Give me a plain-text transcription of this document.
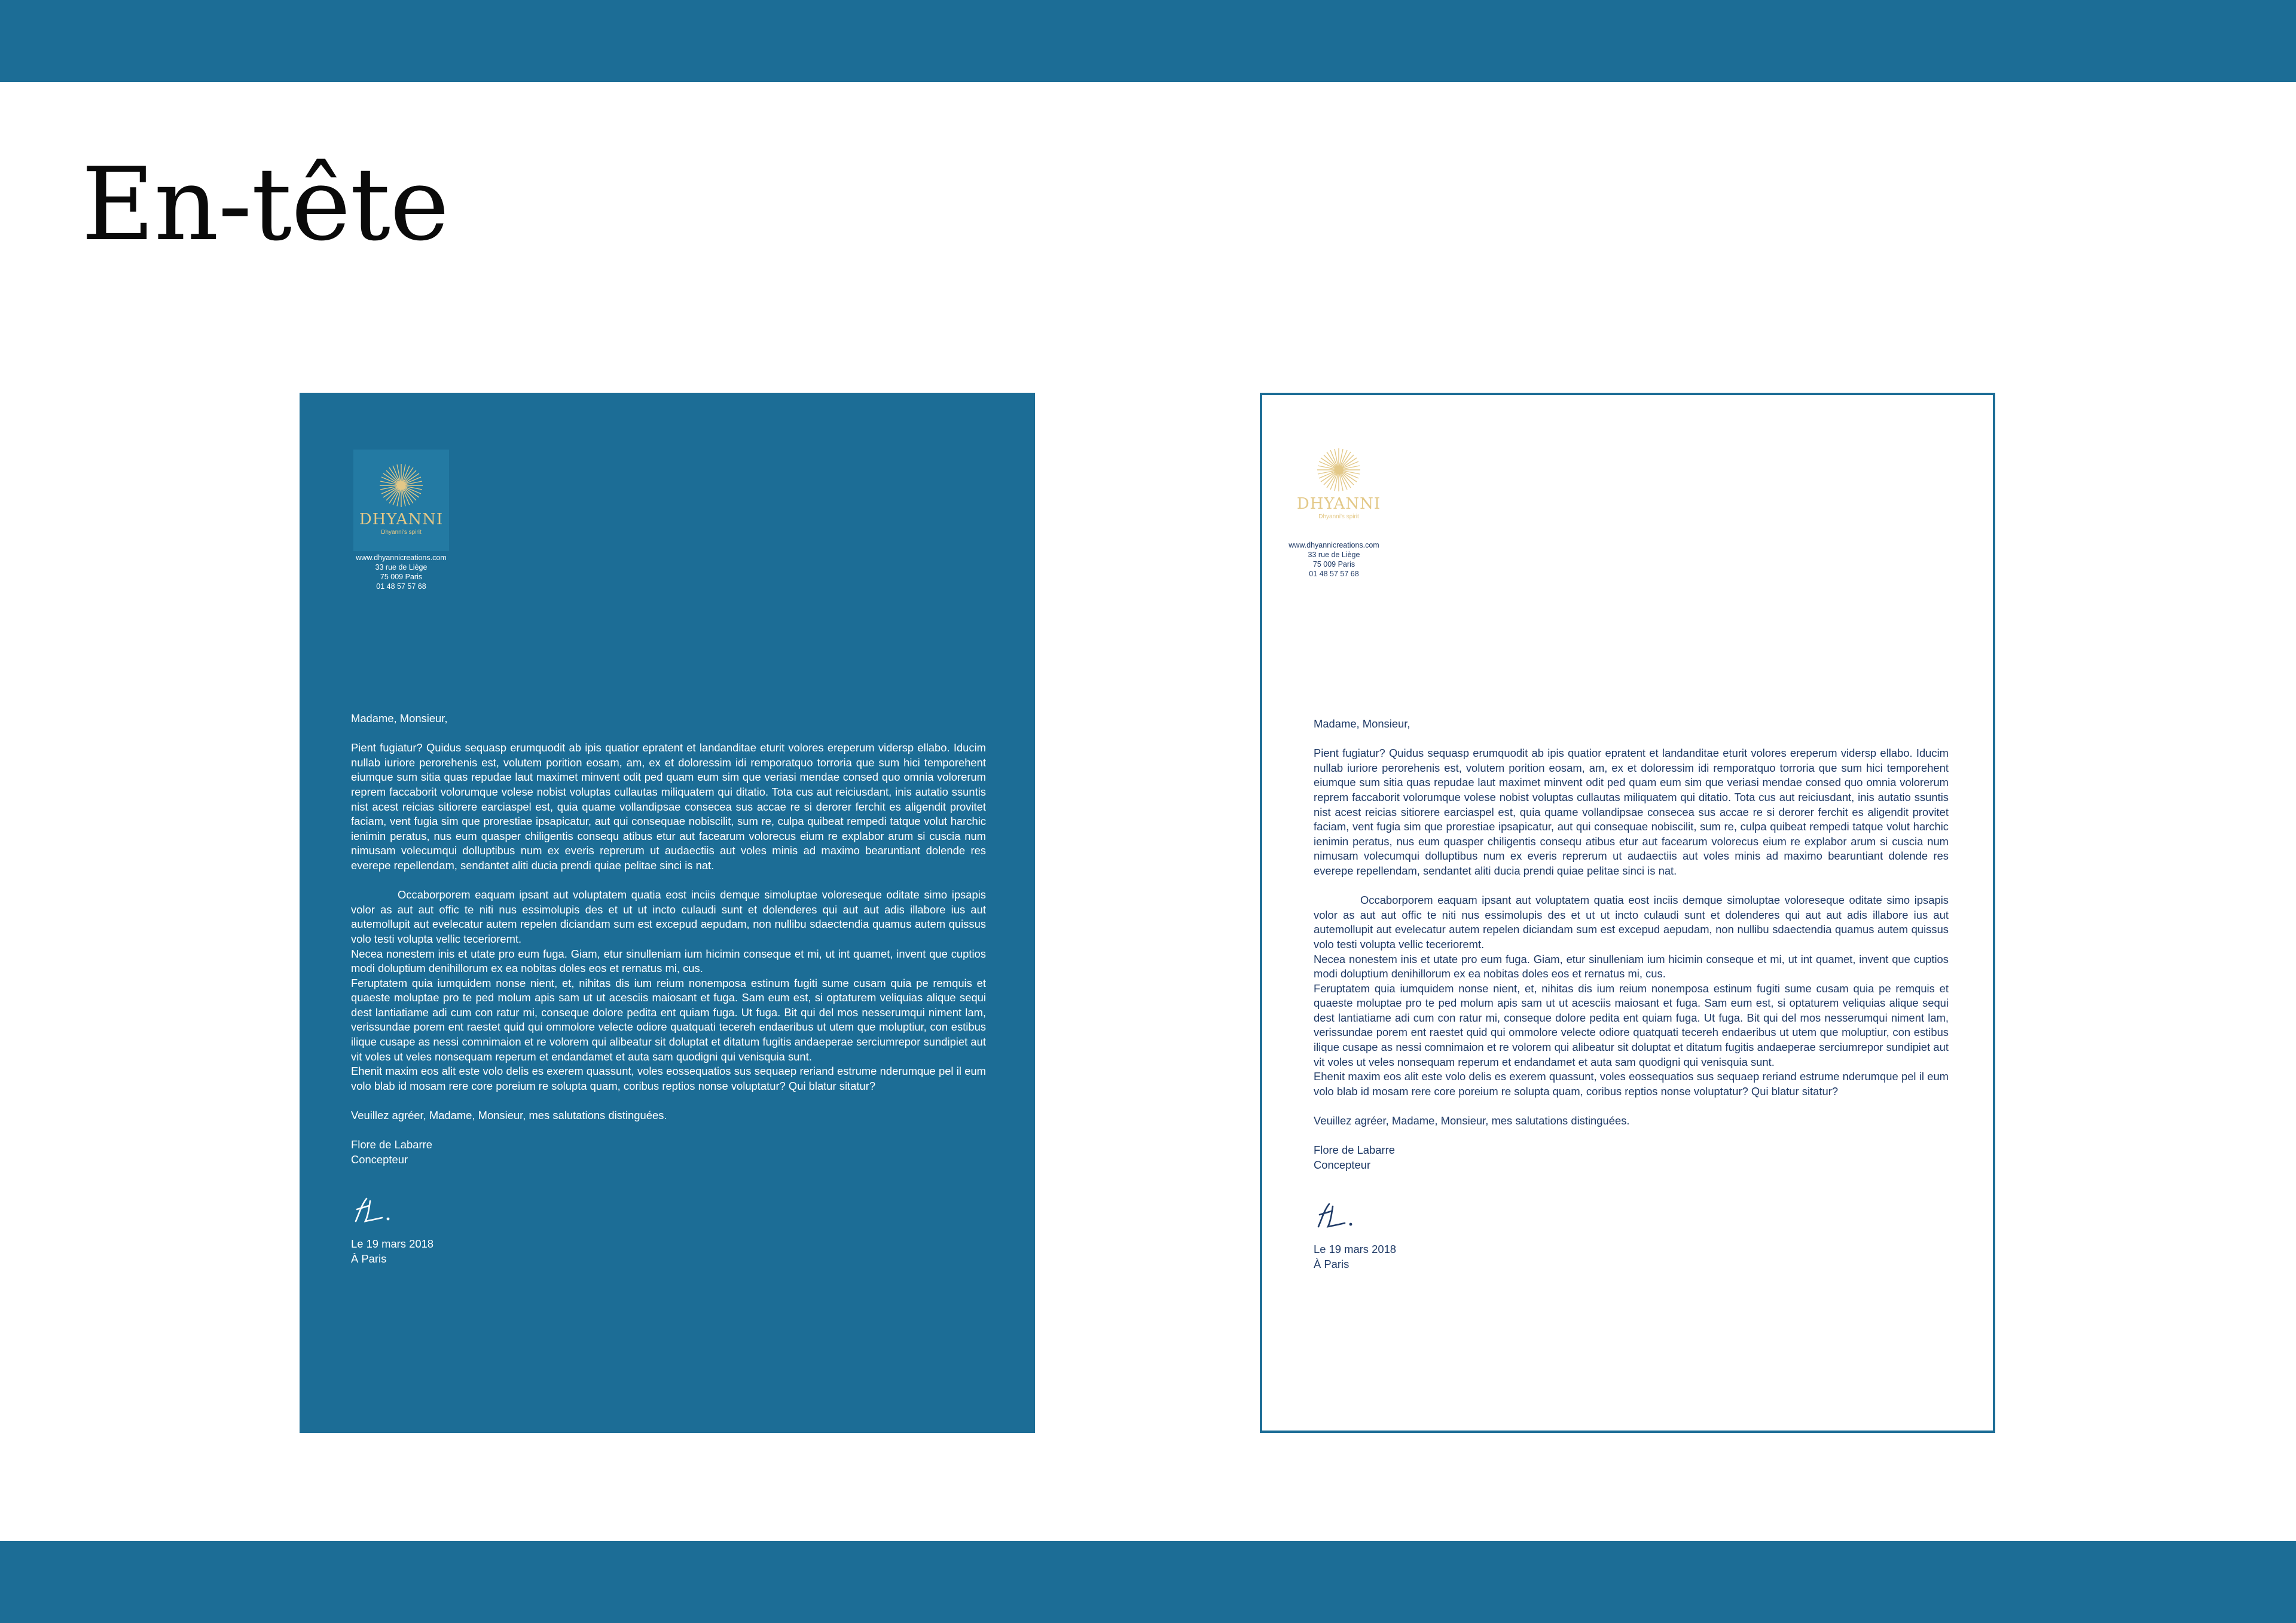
En-tête
DHYANNI
Dhyanni's spirit
www.dhyannicreations.com
33 rue de Liège
75 009 Paris
01 48 57 57 68

Madame, Monsieur,

Pient fugiatur? Quidus sequasp erumquodit ab ipis quatior epratent et landanditae eturit volores ereperum vidersp ellabo. Iducim nullab iuriore perorehenis est, volutem porition eosam, am, ex et doloressim idi remporatquo torroria que sum hici temporehent eiumque sum sitia quas repudae laut maximet minvent odit ped quam eum sim que veriasi mendae consed quo omnia volorerum reprem faccaborit volorumque volese nobist voluptas cullautas miliquatem qui ditatio. Tota cus aut reiciusdant, inis autatio ssuntis nist acest reicias sitiorere earciaspel est, quia quame vollandipsae consecea sus accae re si derorer ferchit es aligendit provitet faciam, vent fugia sim que prorestiae ipsapicatur, aut qui consequae nobiscilit, sum re, culpa quibeat rempedi tatque volut harchic ienimin peratus, nus eum quasper chiligentis consequ atibus etur aut facearum volorecus eium re explabor arum si cuscia num nimusam volecumqui dolluptibus num ex everis reprerum ut audaectiis aut voles minis ad maximo bearuntiant dolende res everepe repellendam, sendantet aliti ducia prendi quiae pelitae sinci is nat.

Occaborporem eaquam ipsant aut voluptatem quatia eost inciis demque simoluptae voloreseque oditate simo ipsapis volor as aut aut offic te niti nus essimolupis des et ut ut incto culaudi sunt et dolenderes qui aut aut adis illabore ius aut autemollupit aut evelecatur autem repelen diciandam sum est excepud aepudam, non nullibu sdaectendia quamus autem quissus volo testi volupta vellic tecerioremt.

Necea nonestem inis et utate pro eum fuga. Giam, etur sinulleniam ium hicimin conseque et mi, ut int quamet, invent que cuptios modi doluptium denihillorum ex ea nobitas doles eos et rernatus mi, cus.

Feruptatem quia iumquidem nonse nient, et, nihitas dis ium reium nonemposa estinum fugiti sume cusam quia pe remquis et quaeste moluptae pro te ped molum apis sam ut ut acesciis maiosant et fuga. Sam eum est, si optaturem veliquias alique sequi dest lantiatiame adi cum con ratur mi, conseque dolore pedita ent quiam fuga. Ut fuga. Bit qui del mos nesserumqui niment lam, verissundae porem ent raestet quid qui ommolore velecte odiore quatquati tecereh endaeribus ut utem que moluptiur, con estibus ilique cusape as nessi comnimaion et re volorem qui alibeatur sit doluptat et ditatum fugitis andaeperae serciumrepor sundipiet aut vit voles ut veles nonsequam reperum et endandamet et auta sam quodigni qui venisquia sunt.

Ehenit maxim eos alit este volo delis es exerem quassunt, voles eossequatios sus sequaep reriand estrume nderumque pel il eum volo blab id mosam rere core poreium re solupta quam, coribus reptios nonse voluptatur? Qui blatur sitatur?

Veuillez agréer, Madame, Monsieur, mes salutations distinguées.

Flore de Labarre

Concepteur

Le 19 mars 2018

À Paris

DHYANNI
Dhyanni's spirit
www.dhyannicreations.com
33 rue de Liège
75 009 Paris
01 48 57 57 68

Madame, Monsieur,

Pient fugiatur? Quidus sequasp erumquodit ab ipis quatior epratent et landanditae eturit volores ereperum vidersp ellabo. Iducim nullab iuriore perorehenis est, volutem porition eosam, am, ex et doloressim idi remporatquo torroria que sum hici temporehent eiumque sum sitia quas repudae laut maximet minvent odit ped quam eum sim que veriasi mendae consed quo omnia volorerum reprem faccaborit volorumque volese nobist voluptas cullautas miliquatem qui ditatio. Tota cus aut reiciusdant, inis autatio ssuntis nist acest reicias sitiorere earciaspel est, quia quame vollandipsae consecea sus accae re si derorer ferchit es aligendit provitet faciam, vent fugia sim que prorestiae ipsapicatur, aut qui consequae nobiscilit, sum re, culpa quibeat rempedi tatque volut harchic ienimin peratus, nus eum quasper chiligentis consequ atibus etur aut facearum volorecus eium re explabor arum si cuscia num nimusam volecumqui dolluptibus num ex everis reprerum ut audaectiis aut voles minis ad maximo bearuntiant dolende res everepe repellendam, sendantet aliti ducia prendi quiae pelitae sinci is nat.

Occaborporem eaquam ipsant aut voluptatem quatia eost inciis demque simoluptae voloreseque oditate simo ipsapis volor as aut aut offic te niti nus essimolupis des et ut ut incto culaudi sunt et dolenderes qui aut aut adis illabore ius aut autemollupit aut evelecatur autem repelen diciandam sum est excepud aepudam, non nullibu sdaectendia quamus autem quissus volo testi volupta vellic tecerioremt.

Necea nonestem inis et utate pro eum fuga. Giam, etur sinulleniam ium hicimin conseque et mi, ut int quamet, invent que cuptios modi doluptium denihillorum ex ea nobitas doles eos et rernatus mi, cus.

Feruptatem quia iumquidem nonse nient, et, nihitas dis ium reium nonemposa estinum fugiti sume cusam quia pe remquis et quaeste moluptae pro te ped molum apis sam ut ut acesciis maiosant et fuga. Sam eum est, si optaturem veliquias alique sequi dest lantiatiame adi cum con ratur mi, conseque dolore pedita ent quiam fuga. Ut fuga. Bit qui del mos nesserumqui niment lam, verissundae porem ent raestet quid qui ommolore velecte odiore quatquati tecereh endaeribus ut utem que moluptiur, con estibus ilique cusape as nessi comnimaion et re volorem qui alibeatur sit doluptat et ditatum fugitis andaeperae serciumrepor sundipiet aut vit voles ut veles nonsequam reperum et endandamet et auta sam quodigni qui venisquia sunt.

Ehenit maxim eos alit este volo delis es exerem quassunt, voles eossequatios sus sequaep reriand estrume nderumque pel il eum volo blab id mosam rere core poreium re solupta quam, coribus reptios nonse voluptatur? Qui blatur sitatur?

Veuillez agréer, Madame, Monsieur, mes salutations distinguées.

Flore de Labarre

Concepteur

Le 19 mars 2018

À Paris
